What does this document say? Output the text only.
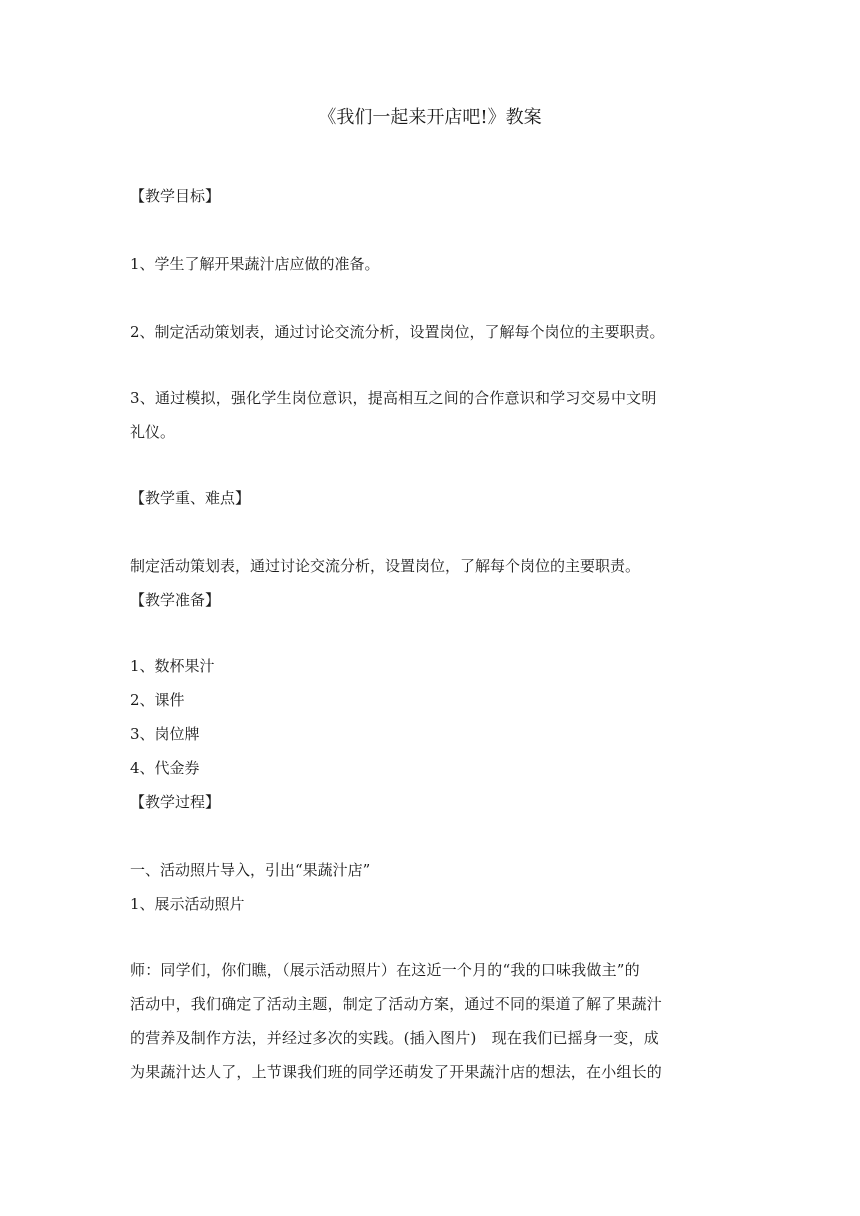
《我们一起来开店吧!》教案
【教学目标】
1、学生了解开果蔬汁店应做的准备。
2、制定活动策划表，通过讨论交流分析，设置岗位，了解每个岗位的主要职责。
3、通过模拟，强化学生岗位意识，提高相互之间的合作意识和学习交易中文明
礼仪。
【教学重、难点】
制定活动策划表，通过讨论交流分析，设置岗位，了解每个岗位的主要职责。
【教学准备】
1、数杯果汁
2、课件
3、岗位牌
4、代金券
【教学过程】
一、活动照片导入，引出“果蔬汁店”
1、展示活动照片
师：同学们，你们瞧，（展示活动照片）在这近一个月的“我的口味我做主”的
活动中，我们确定了活动主题，制定了活动方案，通过不同的渠道了解了果蔬汁
的营养及制作方法，并经过多次的实践。(插入图片)　现在我们已摇身一变，成
为果蔬汁达人了，上节课我们班的同学还萌发了开果蔬汁店的想法，在小组长的
